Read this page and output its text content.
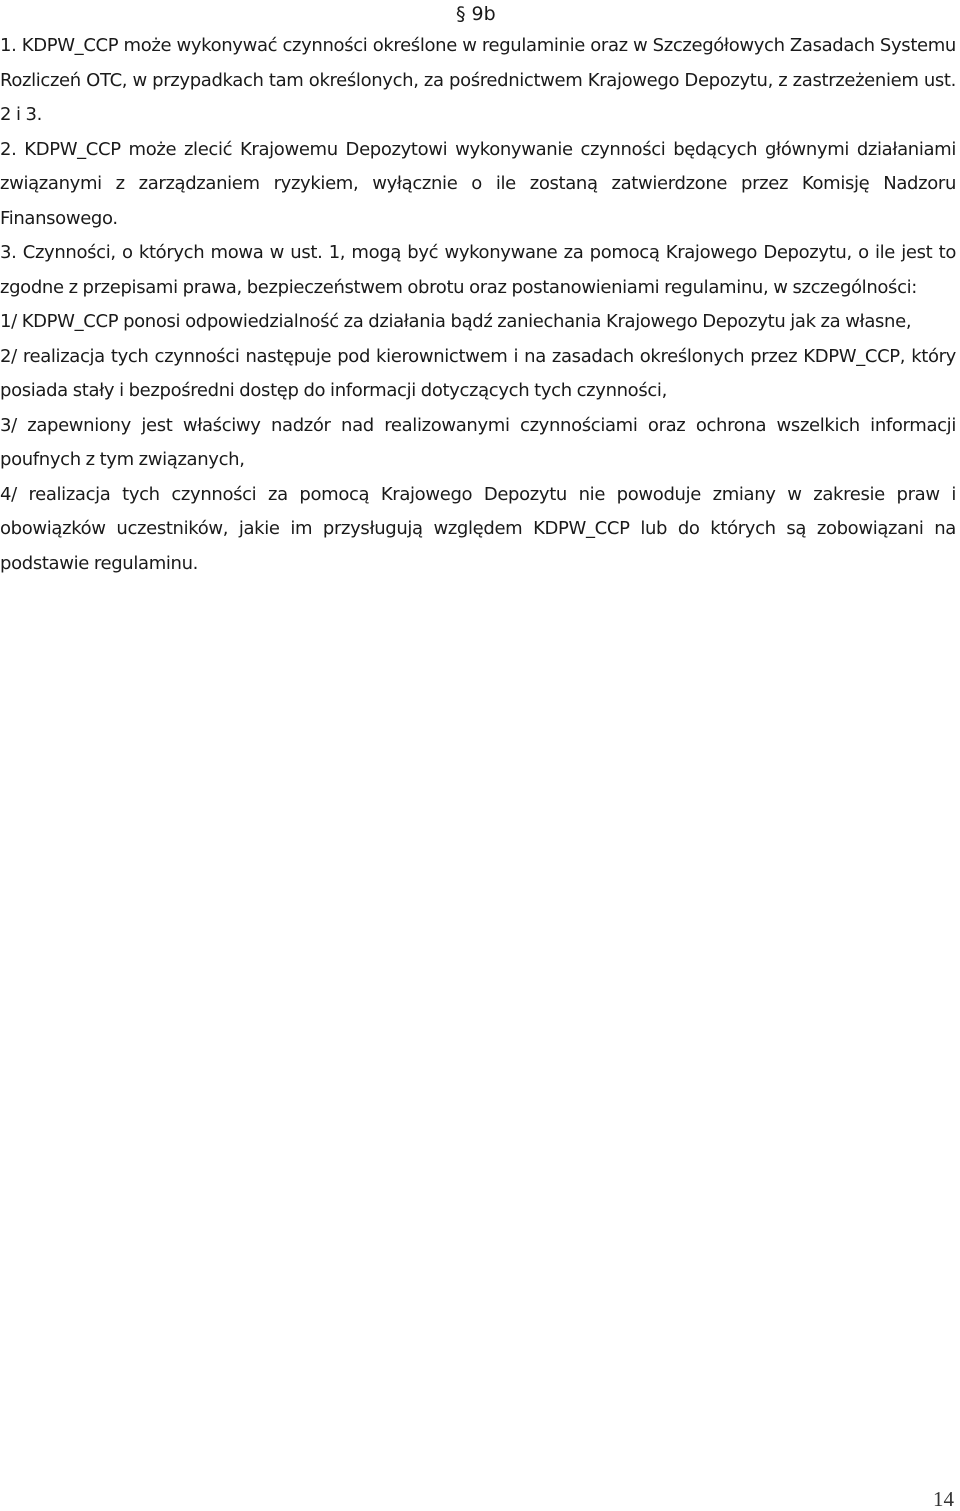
§ 9b

1. KDPW_CCP może wykonywać czynności określone w regulaminie oraz w Szczegółowych Zasadach Systemu Rozliczeń OTC, w przypadkach tam określonych, za pośrednictwem Krajowego Depozytu, z zastrzeżeniem ust. 2 i 3.

2. KDPW_CCP może zlecić Krajowemu Depozytowi wykonywanie czynności będących głównymi działaniami związanymi z zarządzaniem ryzykiem, wyłącznie o ile zostaną zatwierdzone przez Komisję Nadzoru Finansowego.

3. Czynności, o których mowa w ust. 1, mogą być wykonywane za pomocą Krajowego Depozytu, o ile jest to zgodne z przepisami prawa, bezpieczeństwem obrotu oraz postanowieniami regulaminu, w szczególności:

1/ KDPW_CCP ponosi odpowiedzialność za działania bądź zaniechania Krajowego Depozytu jak za własne,

2/ realizacja tych czynności następuje pod kierownictwem i na zasadach określonych przez KDPW_CCP, który posiada stały i bezpośredni dostęp do informacji dotyczących tych czynności,

3/ zapewniony jest właściwy nadzór nad realizowanymi czynnościami oraz ochrona wszelkich informacji poufnych z tym związanych,

4/ realizacja tych czynności za pomocą Krajowego Depozytu nie powoduje zmiany w zakresie praw i obowiązków uczestników, jakie im przysługują względem KDPW_CCP lub do których są zobowiązani na podstawie regulaminu.

14
